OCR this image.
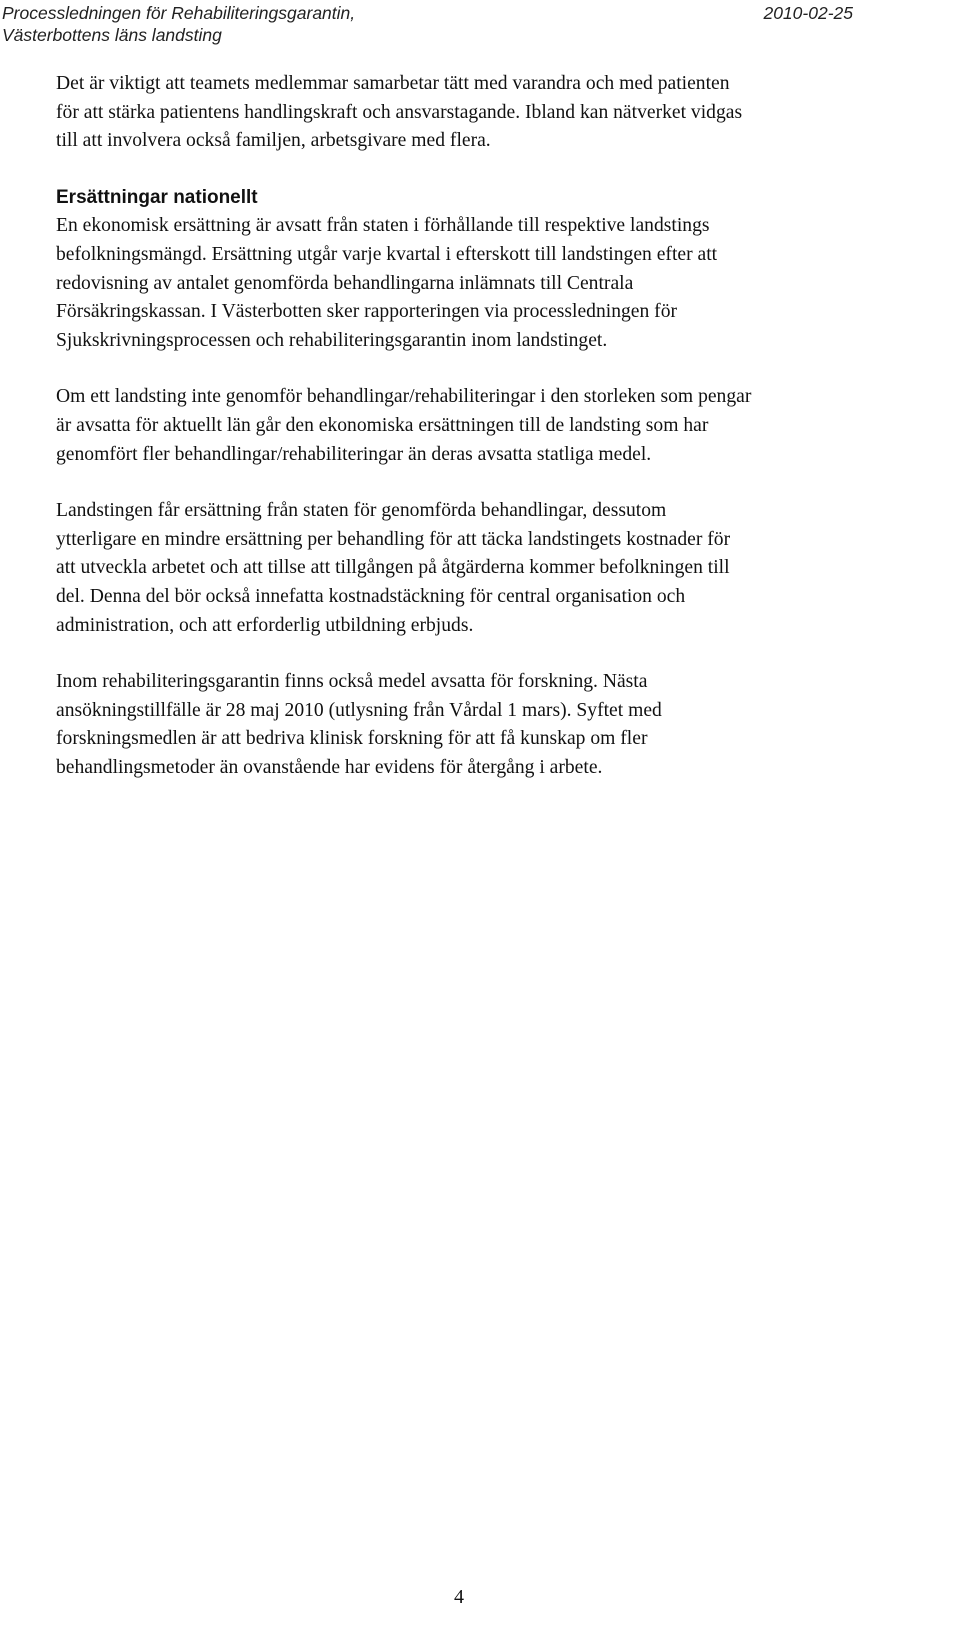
Processledningen för Rehabiliteringsgarantin,
Västerbottens läns landsting
2010-02-25

Det är viktigt att teamets medlemmar samarbetar tätt med varandra och med patienten
för att stärka patientens handlingskraft och ansvarstagande. Ibland kan nätverket vidgas
till att involvera också familjen, arbetsgivare med flera.

Ersättningar nationellt

En ekonomisk ersättning är avsatt från staten i förhållande till respektive landstings
befolkningsmängd. Ersättning utgår varje kvartal i efterskott till landstingen efter att
redovisning av antalet genomförda behandlingarna inlämnats till Centrala
Försäkringskassan. I Västerbotten sker rapporteringen via processledningen för
Sjukskrivningsprocessen och rehabiliteringsgarantin inom landstinget.

Om ett landsting inte genomför behandlingar/rehabiliteringar i den storleken som pengar
är avsatta för aktuellt län går den ekonomiska ersättningen till de landsting som har
genomfört fler behandlingar/rehabiliteringar än deras avsatta statliga medel.

Landstingen får ersättning från staten för genomförda behandlingar, dessutom
ytterligare en mindre ersättning per behandling för att täcka landstingets kostnader för
att utveckla arbetet och att tillse att tillgången på åtgärderna kommer befolkningen till
del. Denna del bör också innefatta kostnadstäckning för central organisation och
administration, och att erforderlig utbildning erbjuds.

Inom rehabiliteringsgarantin finns också medel avsatta för forskning. Nästa
ansökningstillfälle är 28 maj 2010 (utlysning från Vårdal 1 mars). Syftet med
forskningsmedlen är att bedriva klinisk forskning för att få kunskap om fler
behandlingsmetoder än ovanstående har evidens för återgång i arbete.

4
